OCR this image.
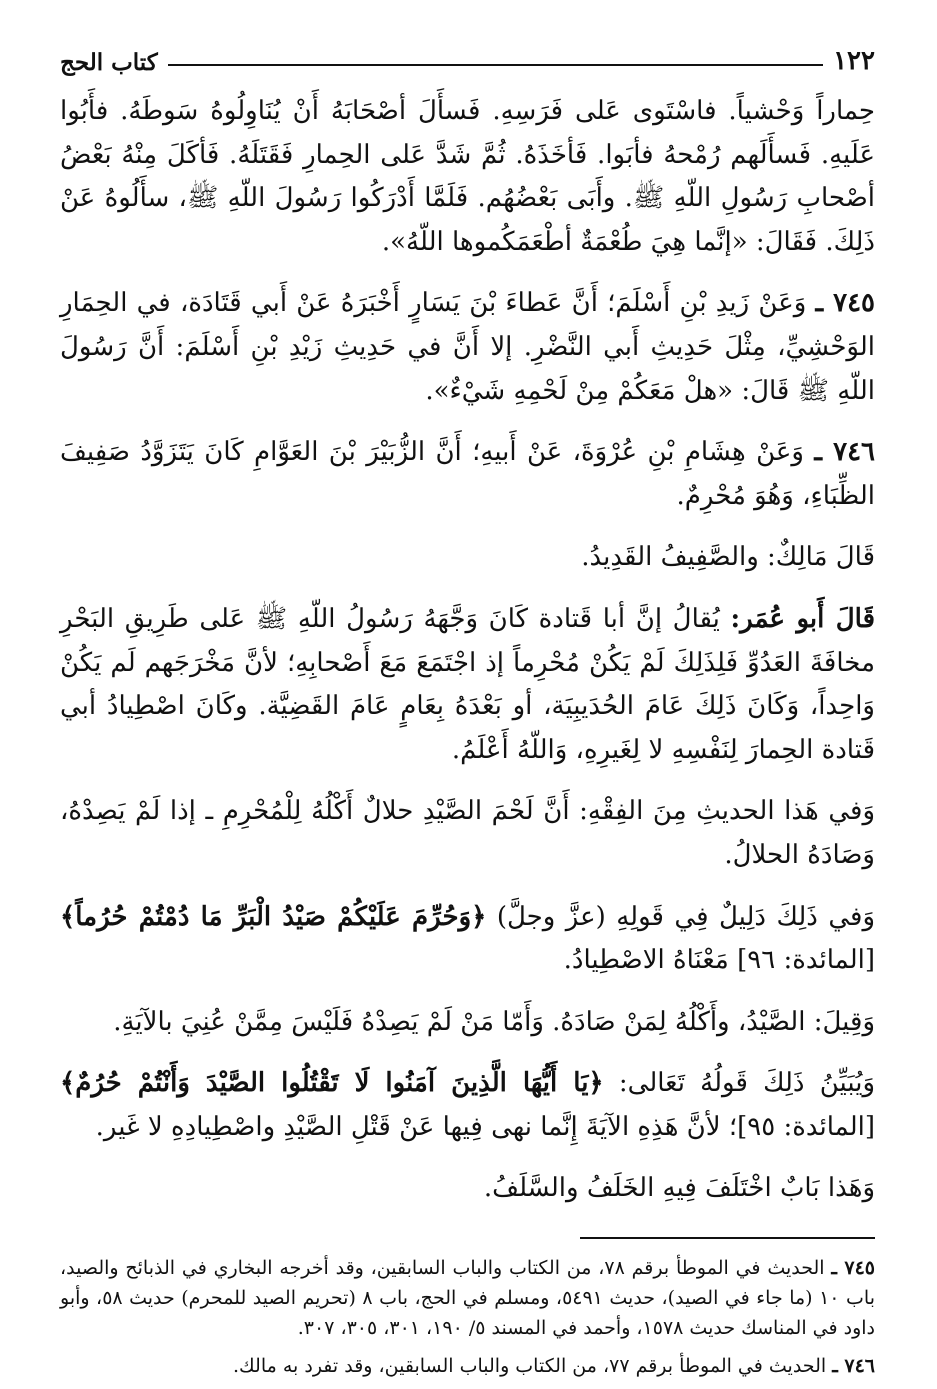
١٢٢
كتاب الحج

حِماراً وَحْشياً. فاسْتَوى عَلى فَرَسِهِ. فَسأَلَ أصْحَابَهُ أَنْ يُنَاوِلُوهُ سَوطَهُ. فأَبُوا عَلَيهِ. فَسأَلَهم رُمْحهُ فأبَوا. فَأخَذَهُ. ثُمَّ شَدَّ عَلى الحِمارِ فَقَتَلَهُ. فَأكَلَ مِنْهُ بَعْضُ أصْحابِ رَسُولِ اللّهِ ﷺ. وأَبَى بَعْضُهُم. فَلَمَّا أَدْرَكُوا رَسُولَ اللّهِ ﷺ، سأَلُوهُ عَنْ ذَلِكَ. فَقَالَ: «إنَّما هِيَ طُعْمَةٌ أطْعَمَكُموها اللّهُ».

٧٤٥ ـ وَعَنْ زَيدِ بْنِ أَسْلَمَ؛ أَنَّ عَطاءَ بْنَ يَسَارٍ أَخْبَرَهُ عَنْ أَبي قَتَادَة، في الحِمَارِ الوَحْشِيِّ، مِثْلَ حَدِيثِ أَبي النَّضْرِ. إلا أَنَّ في حَدِيثِ زَيْدِ بْنِ أَسْلَمَ: أَنَّ رَسُولَ اللّهِ ﷺ قَالَ: «هلْ مَعَكُمْ مِنْ لَحْمِهِ شَيْءٌ».

٧٤٦ ـ وَعَنْ هِشَامِ بْنِ عُرْوَةَ، عَنْ أَبيهِ؛ أَنَّ الزُّبَيْرَ بْنَ العَوَّامِ كَانَ يَتَزَوَّدُ صَفِيفَ الظِّبَاءِ، وَهُوَ مُحْرِمٌ.

قَالَ مَالِكٌ: والصَّفِيفُ القَدِيدُ.

قَالَ أَبو عُمَر: يُقالُ إنَّ أبا قَتادة كَانَ وَجَّهَهُ رَسُولُ اللّهِ ﷺ عَلى طَرِيقِ البَحْرِ مخافَةَ العَدُوِّ فَلِذَلِكَ لَمْ يَكُنْ مُحْرِماً إذ اجْتَمَعَ مَعَ أَصْحابِهِ؛ لأنَّ مَخْرَجَهم لَم يَكُنْ وَاحِداً، وَكَانَ ذَلِكَ عَامَ الحُدَيبِيَة، أو بَعْدَهُ بِعَامٍ عَامَ القَضِيَّة. وكَانَ اصْطِيادُ أبي قَتادة الحِمارَ لِنَفْسِهِ لا لِغَيرِهِ، وَاللّهُ أَعْلَمُ.

وَفي هَذا الحديثِ مِنَ الفِقْهِ: أَنَّ لَحْمَ الصَّيْدِ حلالٌ أَكْلُهُ لِلْمُحْرِمِ ـ إذا لَمْ يَصِدْهُ، وَصَادَهُ الحلالُ.

وَفي ذَلِكَ دَلِيلٌ فِي قَولِهِ (عزَّ وجلَّ) ﴿وَحُرِّمَ عَلَيْكُمْ صَيْدُ الْبَرِّ مَا دُمْتُمْ حُرُماً﴾ [المائدة: ٩٦] مَعْنَاهُ الاصْطِيادُ.

وَقِيلَ: الصَّيْدُ، وأَكْلُهُ لِمَنْ صَادَهُ. وَأَمّا مَنْ لَمْ يَصِدْهُ فَلَيْسَ مِمَّنْ عُنِيَ بالآيَةِ.

وَيُبَيِّنُ ذَلِكَ قَولُهُ تَعَالى: ﴿يَا أَيُّهَا الَّذِينَ آمَنُوا لَا تَقْتُلُوا الصَّيْدَ وَأَنْتُمْ حُرُمٌ﴾ [المائدة: ٩٥]؛ لأنَّ هَذِهِ الآيَةَ إِنَّما نهى فِيها عَنْ قَتْلِ الصَّيْدِ واصْطِيادِهِ لا غَير.

وَهَذا بَابٌ اخْتَلَفَ فِيهِ الخَلَفُ والسَّلَفُ.

٧٤٥ ـ الحديث في الموطأ برقم ٧٨، من الكتاب والباب السابقين، وقد أخرجه البخاري في الذبائح والصيد، باب ١٠ (ما جاء في الصيد)، حديث ٥٤٩١، ومسلم في الحج، باب ٨ (تحريم الصيد للمحرم) حديث ٥٨، وأبو داود في المناسك حديث ١٥٧٨، وأحمد في المسند ٥/ ١٩٠، ٣٠١، ٣٠٥، ٣٠٧.

٧٤٦ ـ الحديث في الموطأ برقم ٧٧، من الكتاب والباب السابقين، وقد تفرد به مالك.
